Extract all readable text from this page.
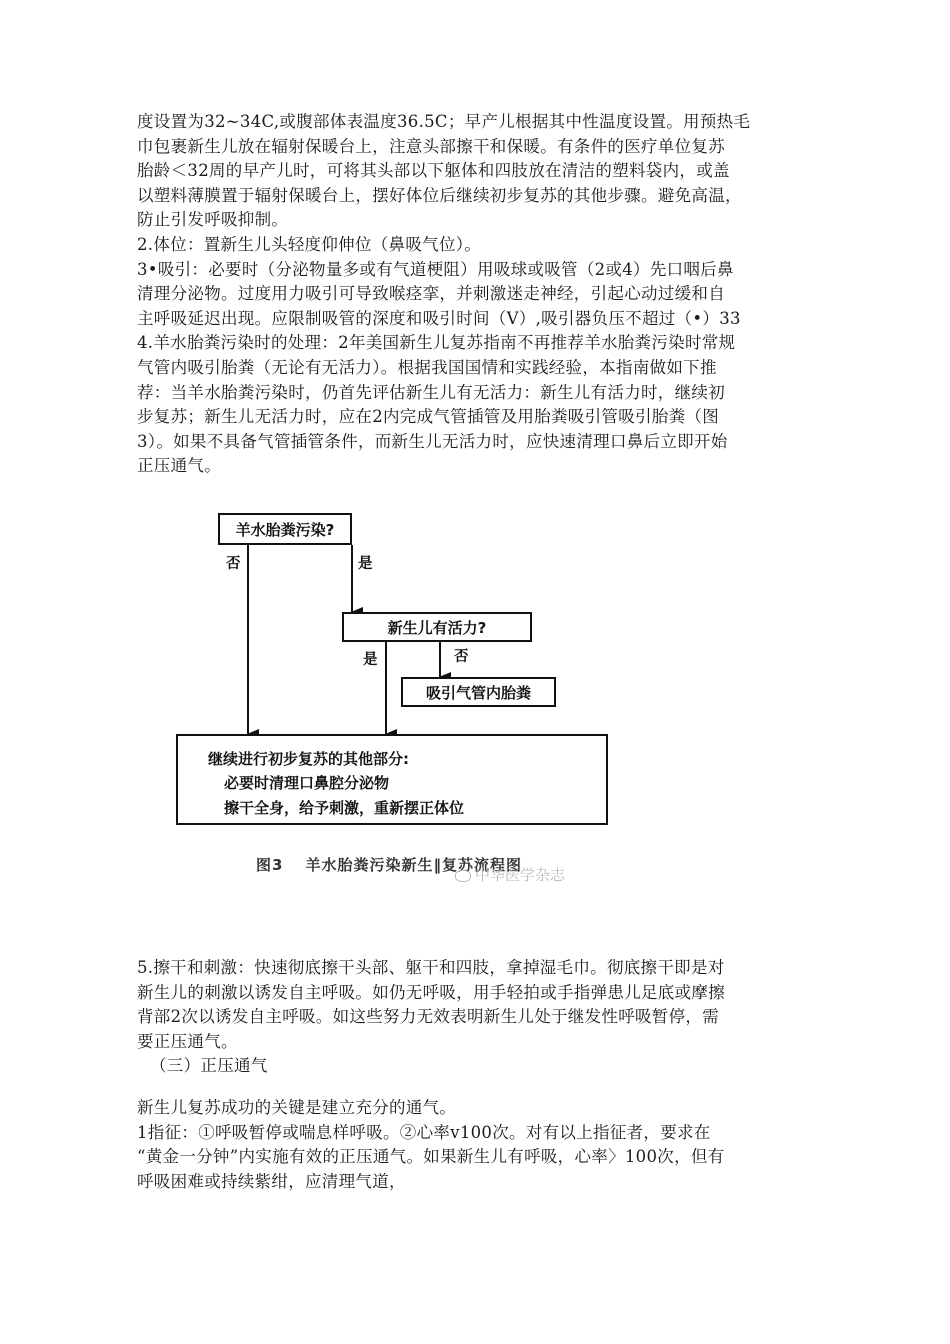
度设置为32~34C,或腹部体表温度36.5C；早产儿根据其中性温度设置。用预热毛
巾包裹新生儿放在辐射保暖台上，注意头部擦干和保暖。有条件的医疗单位复苏
胎龄＜32周的早产儿时，可将其头部以下躯体和四肢放在清洁的塑料袋内，或盖
以塑料薄膜置于辐射保暖台上，摆好体位后继续初步复苏的其他步骤。避免高温，
防止引发呼吸抑制。
2.体位：置新生儿头轻度仰伸位（鼻吸气位）。
3•吸引：必要时（分泌物量多或有气道梗阻）用吸球或吸管（2或4）先口咽后鼻
清理分泌物。过度用力吸引可导致喉痉挛，并刺激迷走神经，引起心动过缓和自
主呼吸延迟出现。应限制吸管的深度和吸引时间（V）,吸引器负压不超过（•）33
4.羊水胎粪污染时的处理：2年美国新生儿复苏指南不再推荐羊水胎粪污染时常规
气管内吸引胎粪（无论有无活力）。根据我国国情和实践经验，本指南做如下推
荐：当羊水胎粪污染时，仍首先评估新生儿有无活力：新生儿有活力时，继续初
步复苏；新生儿无活力时，应在2内完成气管插管及用胎粪吸引管吸引胎粪（图
3）。如果不具备气管插管条件，而新生儿无活力时，应快速清理口鼻后立即开始
正压通气。
羊水胎粪污染?
否	是
新生儿有活力?
是	否
吸引气管内胎粪
继续进行初步复苏的其他部分:
必要时清理口鼻腔分泌物
擦干全身，给予刺激，重新摆正体位
图3 羊水胎粪污染新生‖复苏流程图
中华医学杂志
5.擦干和刺激：快速彻底擦干头部、躯干和四肢，拿掉湿毛巾。彻底擦干即是对
新生儿的刺激以诱发自主呼吸。如仍无呼吸，用手轻拍或手指弹患儿足底或摩擦
背部2次以诱发自主呼吸。如这些努力无效表明新生儿处于继发性呼吸暂停，需
要正压通气。
（三）正压通气
新生儿复苏成功的关键是建立充分的通气。
1指征：①呼吸暂停或喘息样呼吸。②心率v100次。对有以上指征者，要求在
“黄金一分钟”内实施有效的正压通气。如果新生儿有呼吸，心率〉100次，但有
呼吸困难或持续紫绀，应清理气道，
